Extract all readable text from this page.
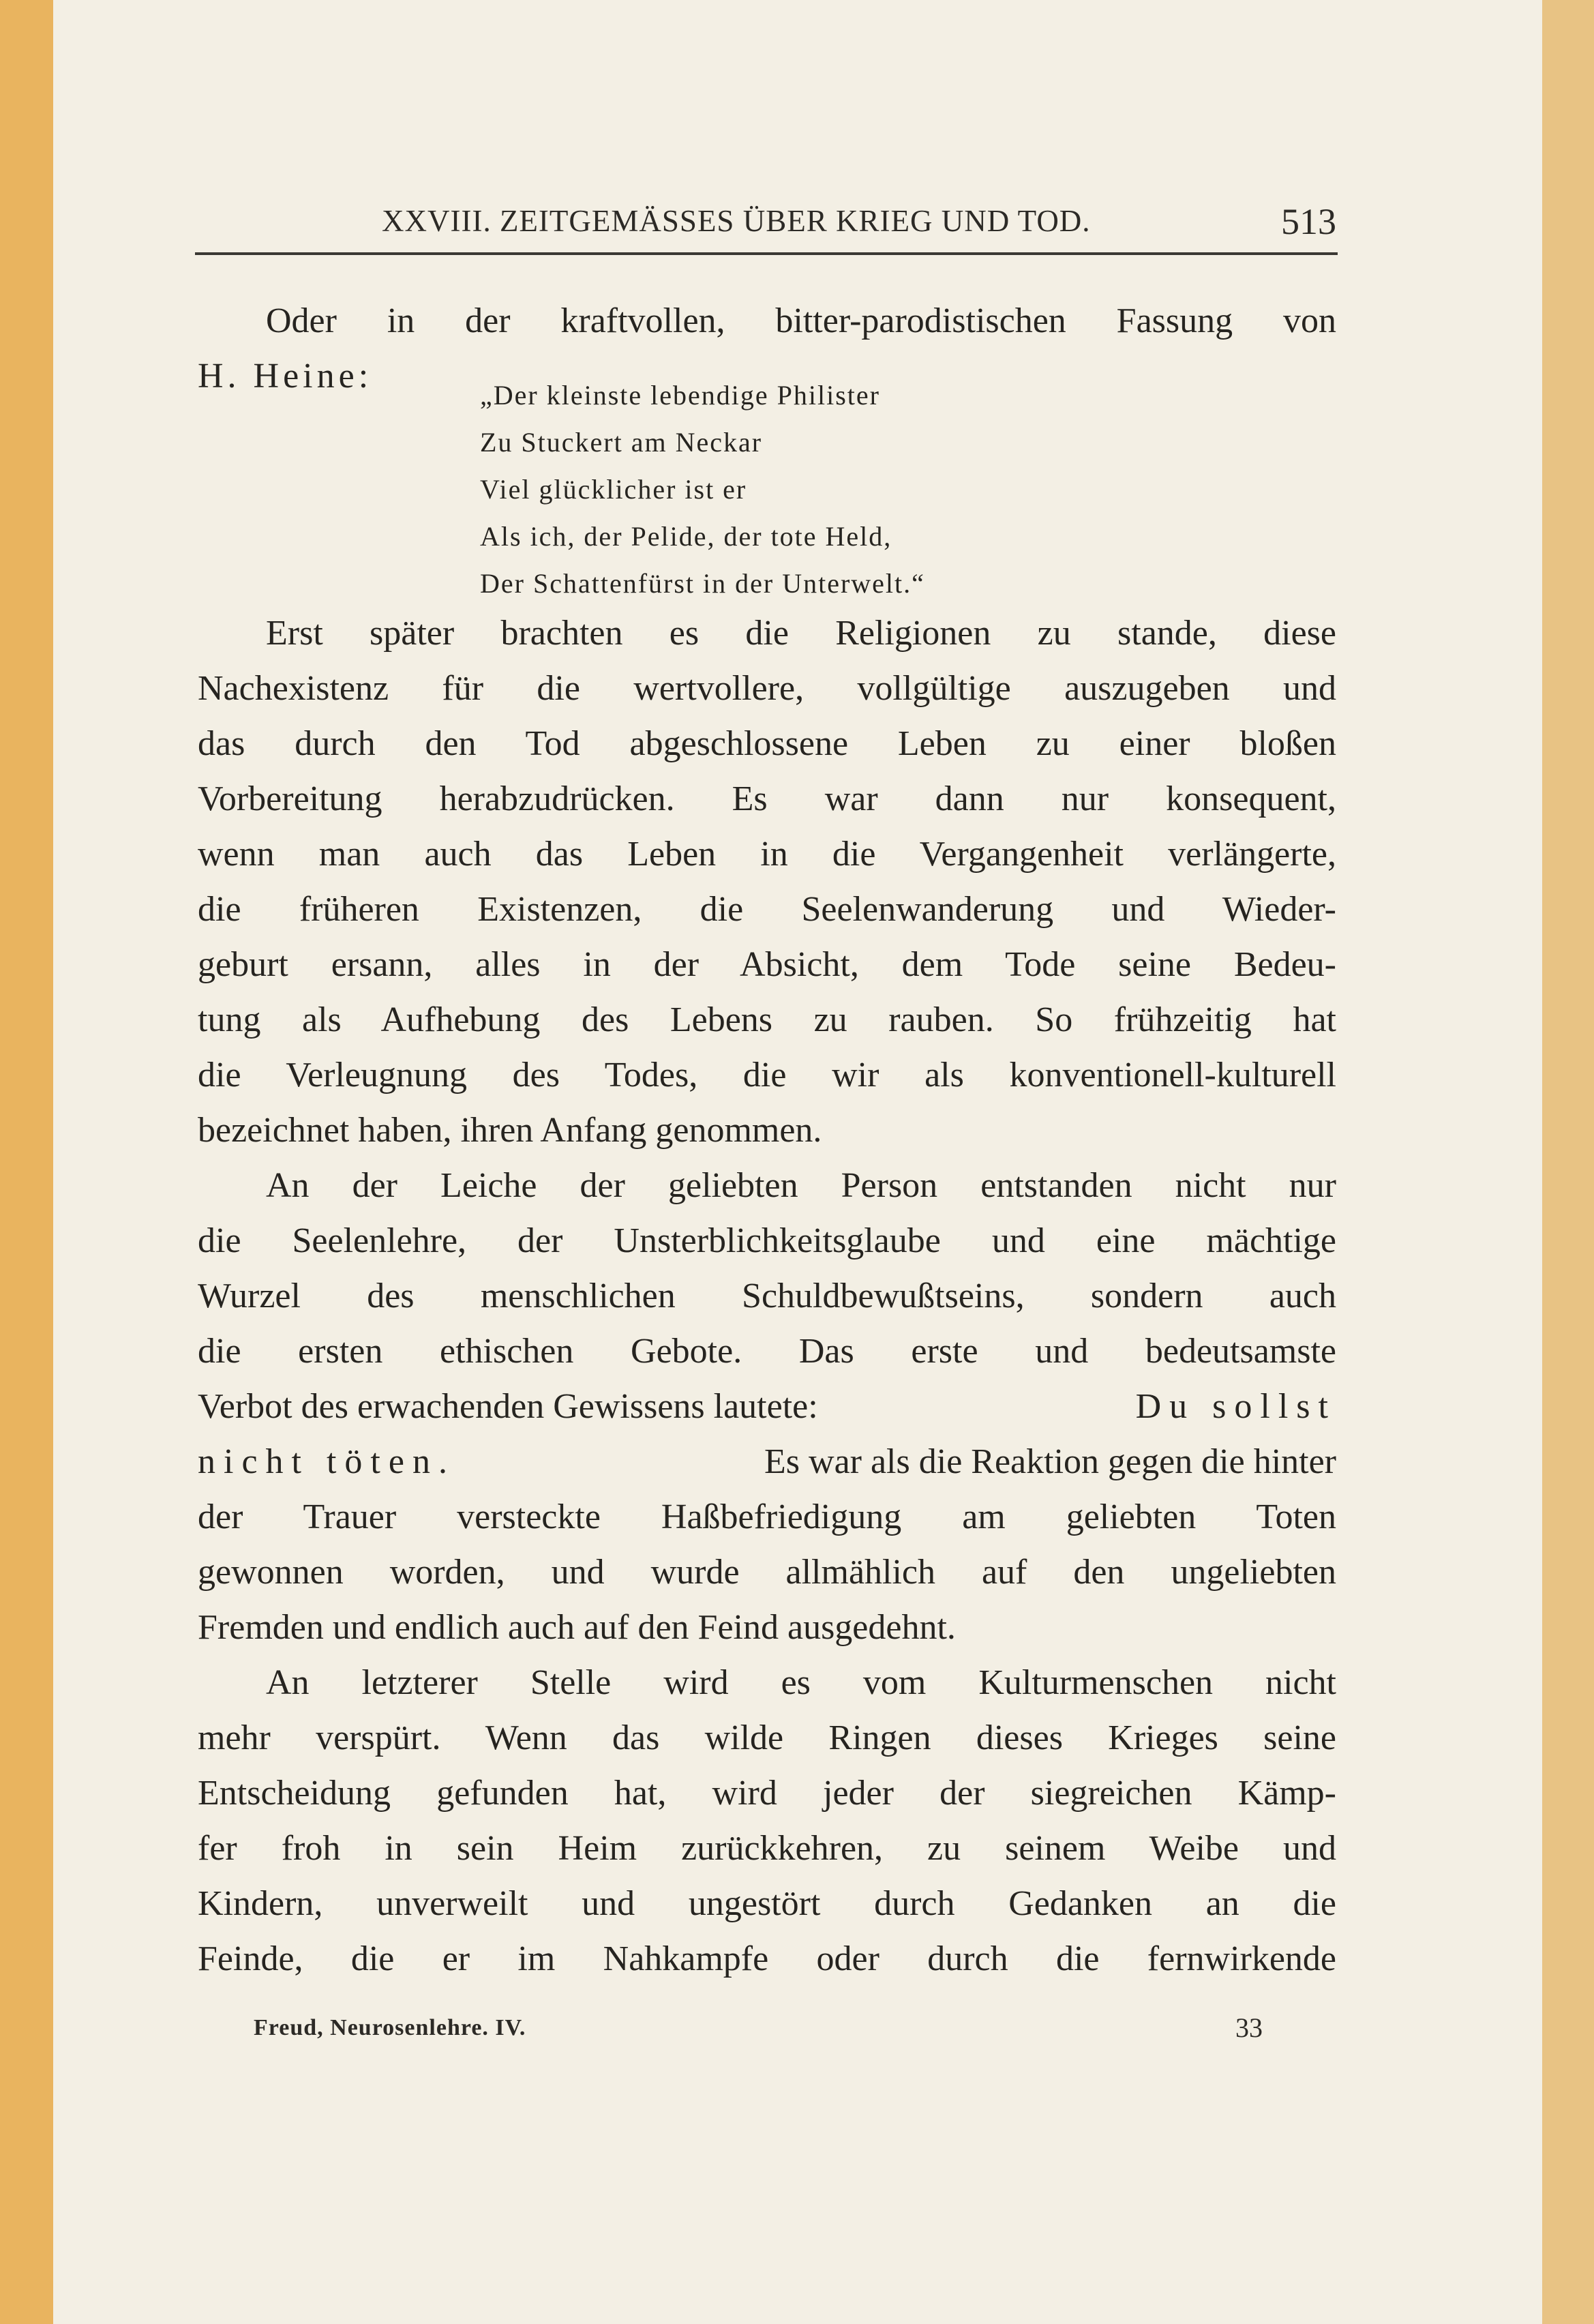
XXVIII. ZEITGEMÄSSES ÜBER KRIEG UND TOD.	513
Oder in der kraftvollen, bitter-parodistischen Fassung von
H. Heine:
Erst später brachten es die Religionen zu stande, diese
Nachexistenz für die wertvollere, vollgültige auszugeben und
das durch den Tod abgeschlossene Leben zu einer bloßen
Vorbereitung herabzudrücken. Es war dann nur konsequent,
wenn man auch das Leben in die Vergangenheit verlängerte,
die früheren Existenzen, die Seelenwanderung und Wieder-
geburt ersann, alles in der Absicht, dem Tode seine Bedeu-
tung als Aufhebung des Lebens zu rauben. So frühzeitig hat
die Verleugnung des Todes, die wir als konventionell-kulturell
bezeichnet haben, ihren Anfang genommen.
An der Leiche der geliebten Person entstanden nicht nur
die Seelenlehre, der Unsterblichkeitsglaube und eine mächtige
Wurzel des menschlichen Schuldbewußtseins, sondern auch
die ersten ethischen Gebote. Das erste und bedeutsamste
Verbot des erwachenden Gewissens lautete:	Du sollst
nicht töten.	Es war als die Reaktion gegen die hinter
der Trauer versteckte Haßbefriedigung am geliebten Toten
gewonnen worden, und wurde allmählich auf den ungeliebten
Fremden und endlich auch auf den Feind ausgedehnt.
An letzterer Stelle wird es vom Kulturmenschen nicht
mehr verspürt. Wenn das wilde Ringen dieses Krieges seine
Entscheidung gefunden hat, wird jeder der siegreichen Kämp-
fer froh in sein Heim zurückkehren, zu seinem Weibe und
Kindern, unverweilt und ungestört durch Gedanken an die
Feinde, die er im Nahkampfe oder durch die fernwirkende
„Der kleinste lebendige Philister
Zu Stuckert am Neckar
Viel glücklicher ist er
Als ich, der Pelide, der tote Held,
Der Schattenfürst in der Unterwelt.“
Freud, Neurosenlehre. IV.	33
